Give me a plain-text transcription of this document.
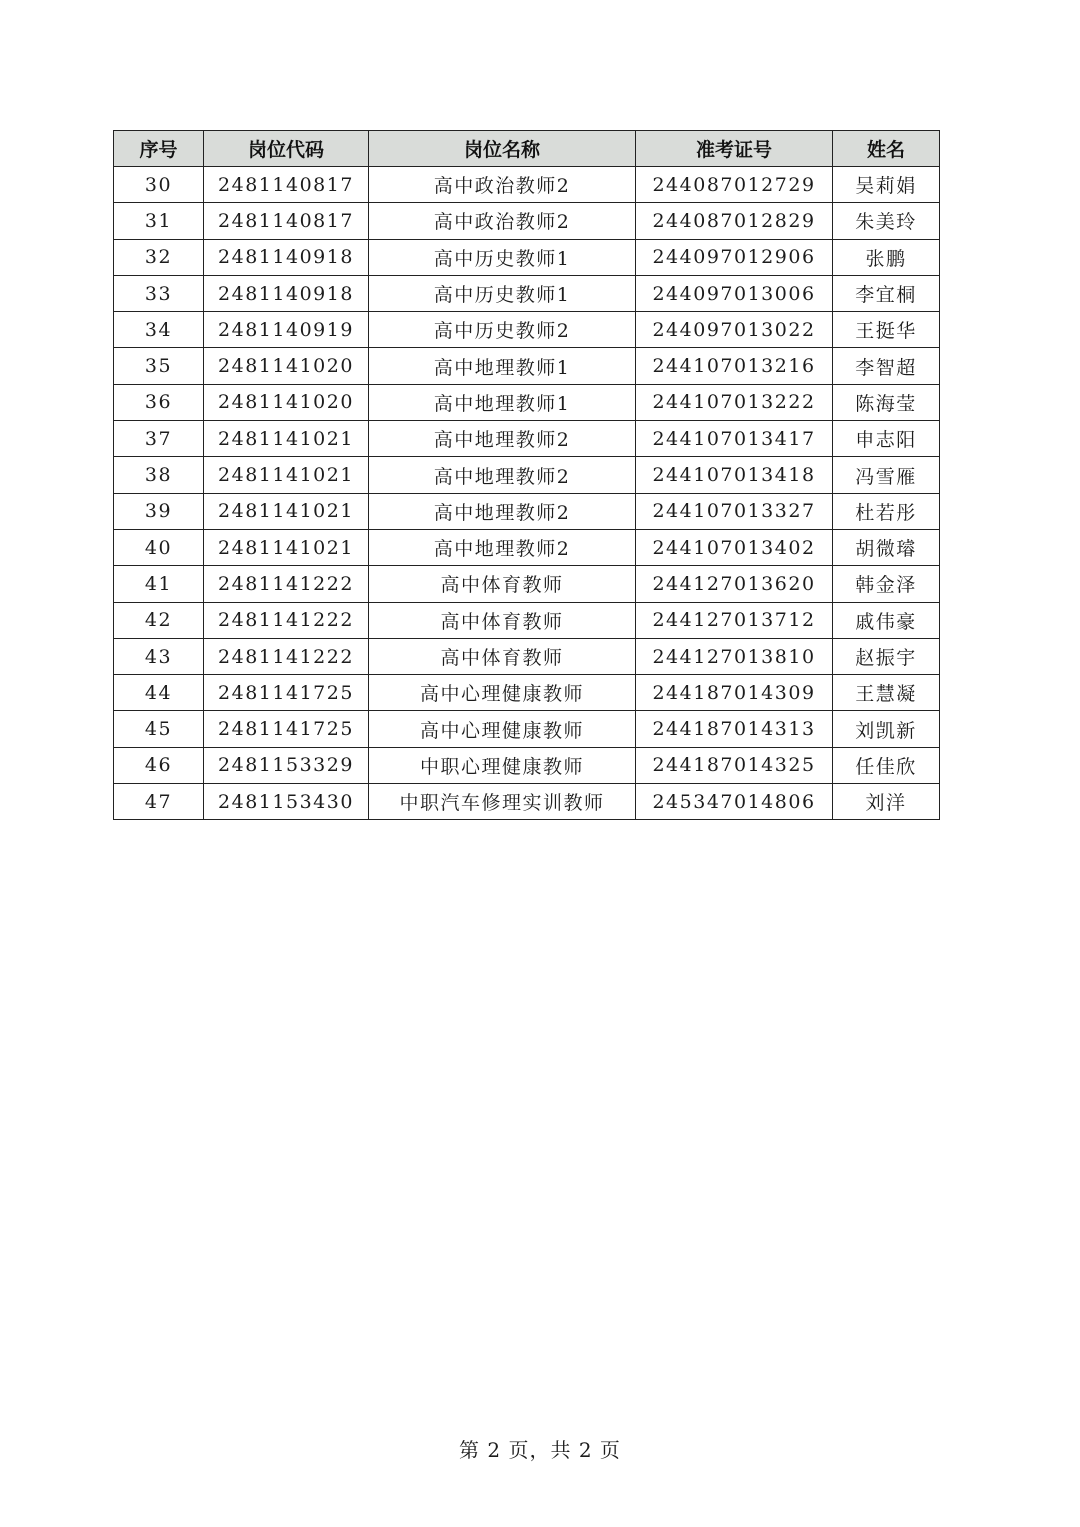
序号	岗位代码	岗位名称	准考证号	姓名
30	2481140817	高中政治教师2	244087012729	吴莉娟
31	2481140817	高中政治教师2	244087012829	朱美玲
32	2481140918	高中历史教师1	244097012906	张鹏
33	2481140918	高中历史教师1	244097013006	李宜桐
34	2481140919	高中历史教师2	244097013022	王挺华
35	2481141020	高中地理教师1	244107013216	李智超
36	2481141020	高中地理教师1	244107013222	陈海莹
37	2481141021	高中地理教师2	244107013417	申志阳
38	2481141021	高中地理教师2	244107013418	冯雪雁
39	2481141021	高中地理教师2	244107013327	杜若彤
40	2481141021	高中地理教师2	244107013402	胡微璿
41	2481141222	高中体育教师	244127013620	韩金泽
42	2481141222	高中体育教师	244127013712	戚伟豪
43	2481141222	高中体育教师	244127013810	赵振宇
44	2481141725	高中心理健康教师	244187014309	王慧凝
45	2481141725	高中心理健康教师	244187014313	刘凯新
46	2481153329	中职心理健康教师	244187014325	任佳欣
47	2481153430	中职汽车修理实训教师	245347014806	刘洋
第 2 页，共 2 页
